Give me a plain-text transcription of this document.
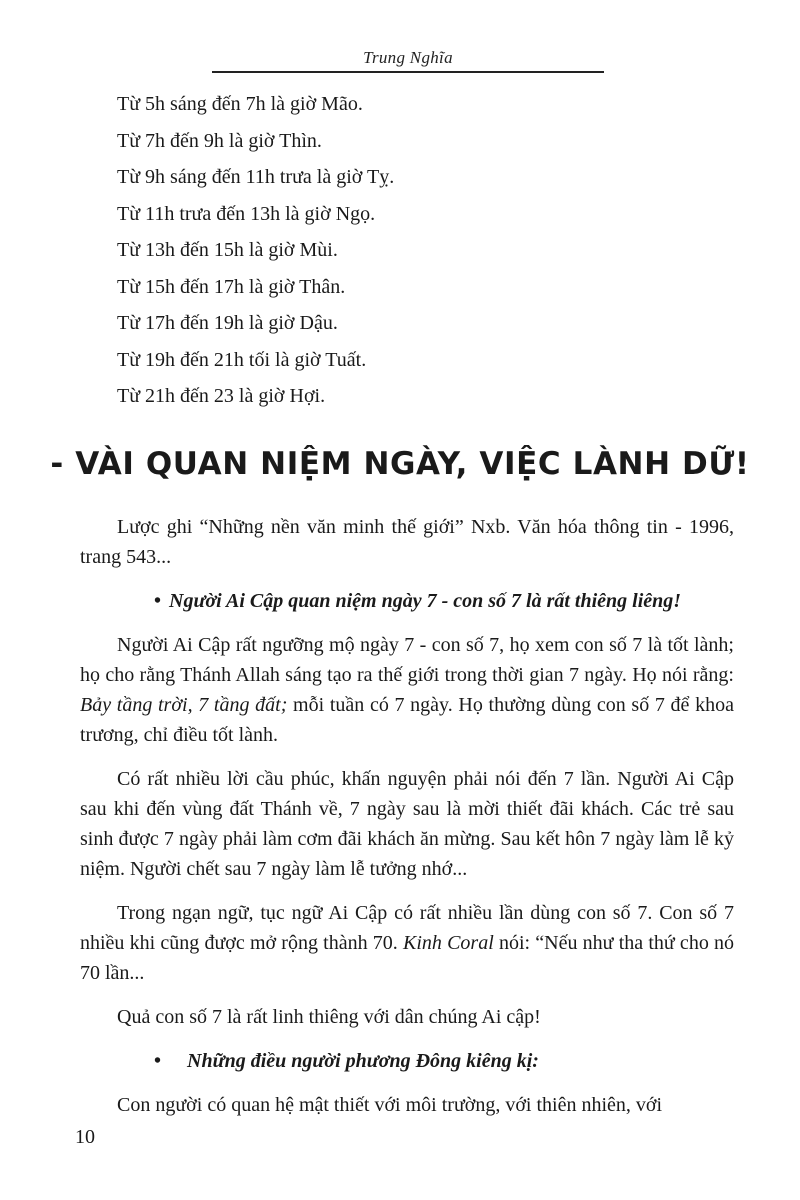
Trung Nghĩa
Từ 5h sáng đến 7h là giờ Mão.
Từ 7h đến 9h là giờ Thìn.
Từ 9h sáng đến 11h trưa là giờ Tỵ.
Từ 11h trưa đến 13h là giờ Ngọ.
Từ 13h đến 15h là giờ Mùi.
Từ 15h đến 17h là giờ Thân.
Từ 17h đến 19h là giờ Dậu.
Từ 19h đến 21h tối là giờ Tuất.
Từ 21h đến 23 là giờ Hợi.
- VÀI QUAN NIỆM NGÀY, VIỆC LÀNH DỮ!

Lược ghi “Những nền văn minh thế giới” Nxb. Văn hóa thông tin - 1996, trang 543...

• Người Ai Cập quan niệm ngày 7 - con số 7 là rất thiêng liêng!

Người Ai Cập rất ngưỡng mộ ngày 7 - con số 7, họ xem con số 7 là tốt lành; họ cho rằng Thánh Allah sáng tạo ra thế giới trong thời gian 7 ngày. Họ nói rằng: Bảy tầng trời, 7 tầng đất; mỗi tuần có 7 ngày. Họ thường dùng con số 7 để khoa trương, chỉ điều tốt lành.

Có rất nhiều lời cầu phúc, khấn nguyện phải nói đến 7 lần. Người Ai Cập sau khi đến vùng đất Thánh về, 7 ngày sau là mời thiết đãi khách. Các trẻ sau sinh được 7 ngày phải làm cơm đãi khách ăn mừng. Sau kết hôn 7 ngày làm lễ kỷ niệm. Người chết sau 7 ngày làm lễ tưởng nhớ...

Trong ngạn ngữ, tục ngữ Ai Cập có rất nhiều lần dùng con số 7. Con số 7 nhiều khi cũng được mở rộng thành 70. Kinh Coral nói: “Nếu như tha thứ cho nó 70 lần...

Quả con số 7 là rất linh thiêng với dân chúng Ai cập!

• Những điều người phương Đông kiêng kị:

Con người có quan hệ mật thiết với môi trường, với thiên nhiên, với

10
